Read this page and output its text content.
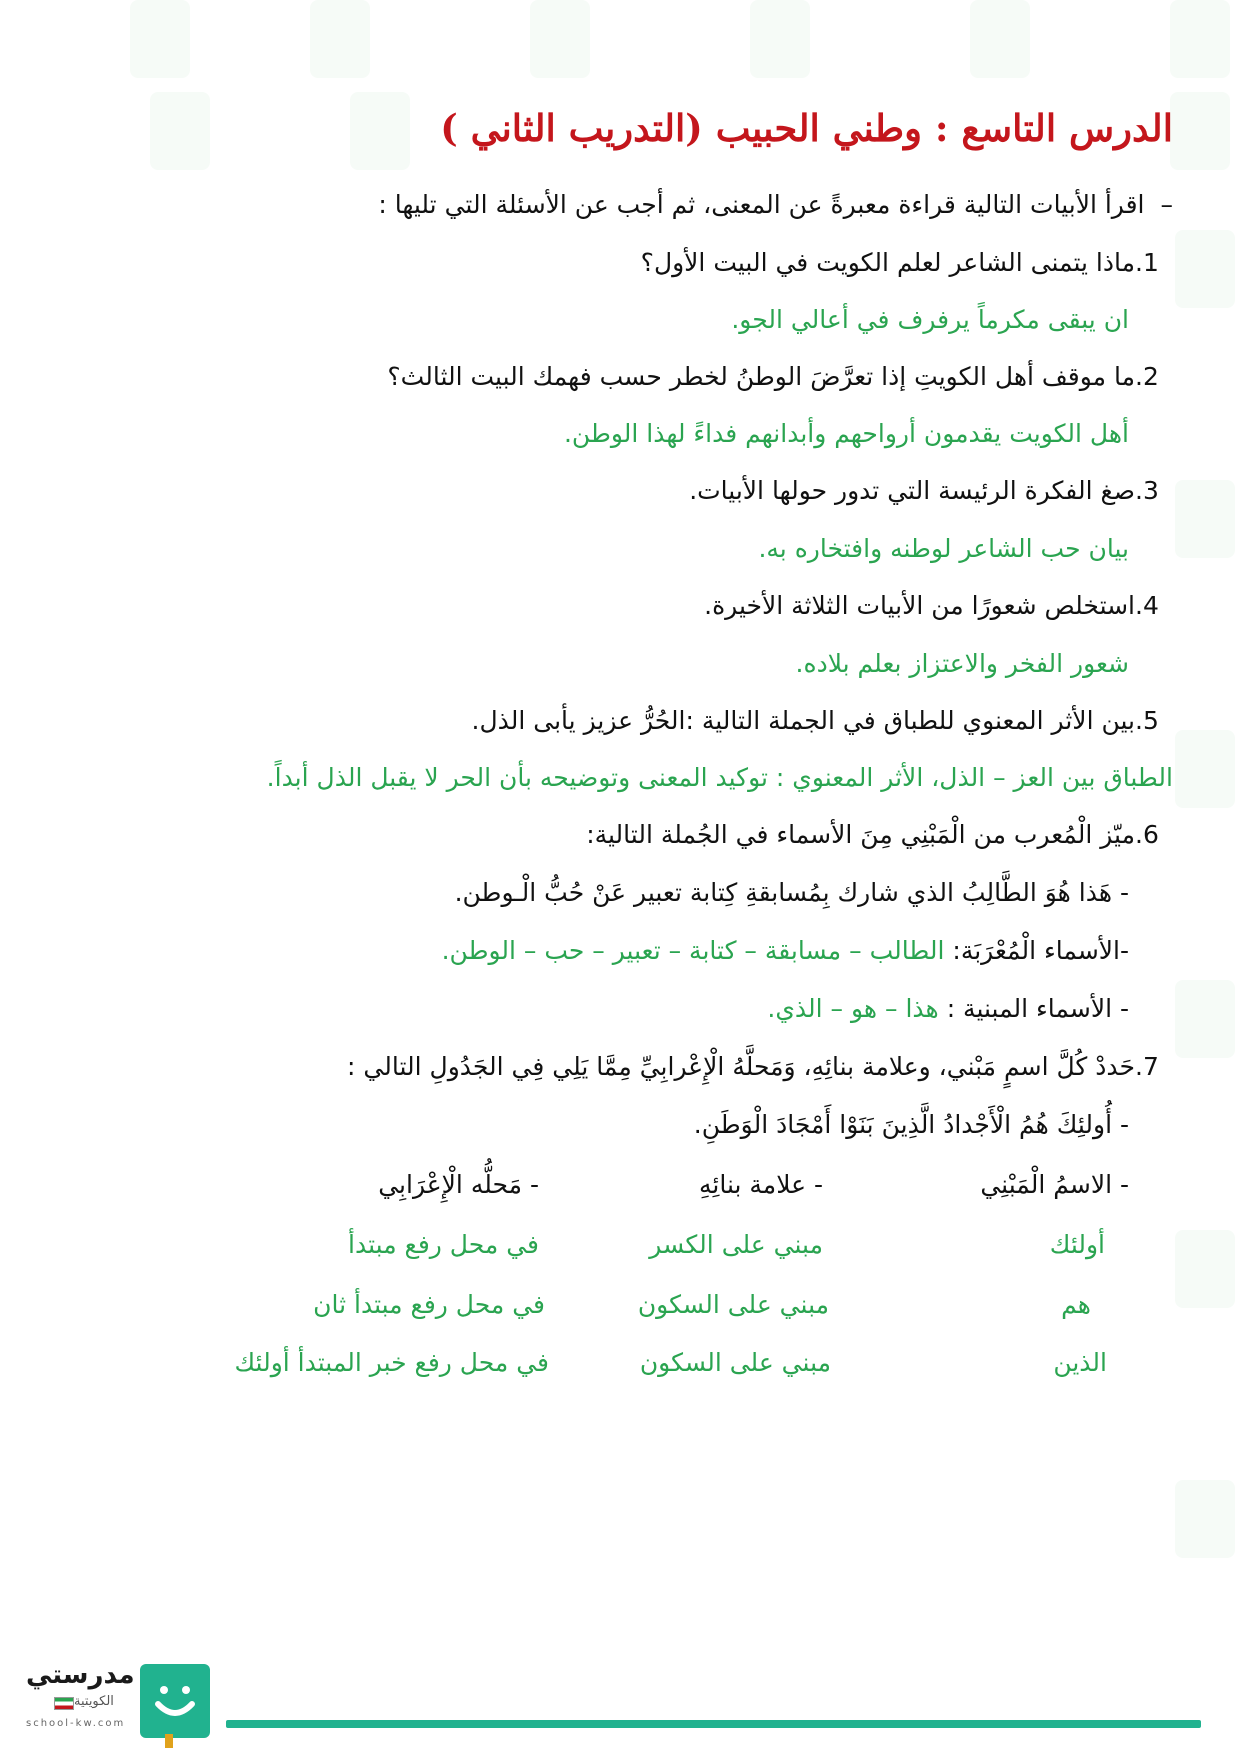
الدرس التاسع : وطني الحبيب (التدريب الثاني )
–اقرأ الأبيات التالية قراءة معبرةً عن المعنى، ثم أجب عن الأسئلة التي تليها :
1.ماذا يتمنى الشاعر لعلم الكويت في البيت الأول؟
ان يبقى مكرماً يرفرف في أعالي الجو.
2.ما موقف أهل الكويتِ إذا تعرَّضَ الوطنُ لخطر حسب فهمك البيت الثالث؟
أهل الكويت يقدمون أرواحهم وأبدانهم فداءً لهذا الوطن.
3.صغ الفكرة الرئيسة التي تدور حولها الأبيات.
بيان حب الشاعر لوطنه وافتخاره به.
4.استخلص شعورًا من الأبيات الثلاثة الأخيرة.
شعور الفخر والاعتزاز بعلم بلاده.
5.بين الأثر المعنوي للطباق في الجملة التالية :الحُرُّ عزيز يأبى الذل.
الطباق بين العز – الذل، الأثر المعنوي : توكيد المعنى وتوضيحه بأن الحر لا يقبل الذل أبداً.
6.ميّز الْمُعرب من الْمَبْنِي مِنَ الأسماء في الجُملة التالية:
- هَذا هُوَ الطَّالِبُ الذي شارك بِمُسابقةِ كِتابة تعبير عَنْ حُبُّ الْـوطن.
-الأسماء الْمُعْرَبَة: الطالب – مسابقة – كتابة – تعبير – حب – الوطن.
- الأسماء المبنية : هذا – هو – الذي.
7.حَددْ كُلَّ اسمٍ مَبْني، وعلامة بنائِهِ، وَمَحلَّهُ الْإِعْرابِيِّ مِمَّا يَلِي فِي الجَدُولِ التالي :
- أُولئِكَ هُمُ الْأَجْدادُ الَّذِينَ بَنَوْا أَمْجَادَ الْوَطَنِ.
- الاسمُ الْمَبْنِي
- علامة بنائِهِ
- مَحلُّه الْإِعْرَابِي
أولئك
مبني على الكسر
في محل رفع مبتدأ
هم
مبني على السكون
في محل رفع مبتدأ ثان
الذين
مبني على السكون
في محل رفع خبر المبتدأ أولئك
مدرستي
الكويتية
school-kw.com
